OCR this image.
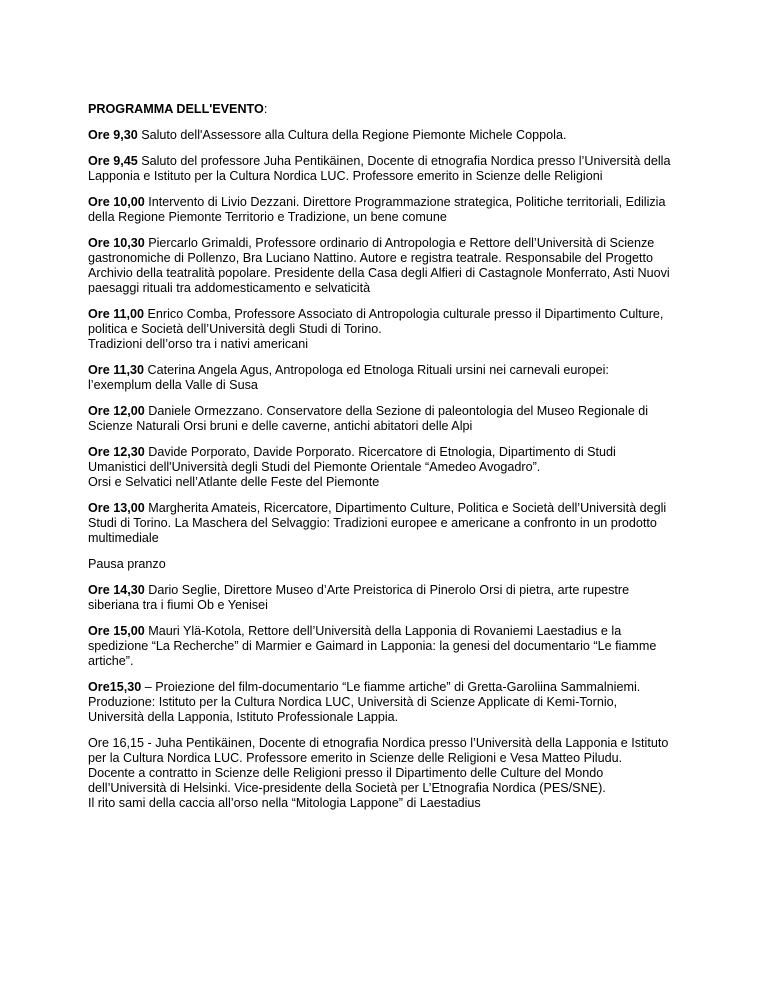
PROGRAMMA DELL'EVENTO:
Ore 9,30 Saluto dell'Assessore alla Cultura della Regione Piemonte Michele Coppola.
Ore 9,45 Saluto del professore Juha Pentikäinen, Docente di etnografia Nordica presso l’Università della
Lapponia e Istituto per la Cultura Nordica LUC. Professore emerito in Scienze delle Religioni
Ore 10,00 Intervento di Livio Dezzani. Direttore Programmazione strategica, Politiche territoriali, Edilizia
della Regione Piemonte Territorio e Tradizione, un bene comune
Ore 10,30 Piercarlo Grimaldi, Professore ordinario di Antropologia e Rettore dell’Università di Scienze
gastronomiche di Pollenzo, Bra Luciano Nattino. Autore e registra teatrale. Responsabile del Progetto
Archivio della teatralità popolare. Presidente della Casa degli Alfieri di Castagnole Monferrato, Asti Nuovi
paesaggi rituali tra addomesticamento e selvaticità
Ore 11,00 Enrico Comba, Professore Associato di Antropologia culturale presso il Dipartimento Culture,
politica e Società dell’Università degli Studi di Torino.
Tradizioni dell’orso tra i nativi americani
Ore 11,30 Caterina Angela Agus, Antropologa ed Etnologa Rituali ursini nei carnevali europei:
l’exemplum della Valle di Susa
Ore 12,00 Daniele Ormezzano. Conservatore della Sezione di paleontologia del Museo Regionale di
Scienze Naturali Orsi bruni e delle caverne, antichi abitatori delle Alpi
Ore 12,30 Davide Porporato, Davide Porporato. Ricercatore di Etnologia, Dipartimento di Studi
Umanistici dell'Università degli Studi del Piemonte Orientale “Amedeo Avogadro”.
Orsi e Selvatici nell’Atlante delle Feste del Piemonte
Ore 13,00 Margherita Amateis, Ricercatore, Dipartimento Culture, Politica e Società dell’Università degli
Studi di Torino. La Maschera del Selvaggio: Tradizioni europee e americane a confronto in un prodotto
multimediale
Pausa pranzo
Ore 14,30 Dario Seglie, Direttore Museo d’Arte Preistorica di Pinerolo Orsi di pietra, arte rupestre
siberiana tra i fiumi Ob e Yenisei
Ore 15,00 Mauri Ylä-Kotola, Rettore dell’Università della Lapponia di Rovaniemi Laestadius e la
spedizione “La Recherche” di Marmier e Gaimard in Lapponia: la genesi del documentario “Le fiamme
artiche”.
Ore15,30 – Proiezione del film-documentario “Le fiamme artiche” di Gretta-Garoliina Sammalniemi.
Produzione: Istituto per la Cultura Nordica LUC, Università di Scienze Applicate di Kemi-Tornio,
Università della Lapponia, Istituto Professionale Lappia.
Ore 16,15 - Juha Pentikäinen, Docente di etnografia Nordica presso l’Università della Lapponia e Istituto
per la Cultura Nordica LUC. Professore emerito in Scienze delle Religioni e Vesa Matteo Piludu.
Docente a contratto in Scienze delle Religioni presso il Dipartimento delle Culture del Mondo
dell’Università di Helsinki. Vice-presidente della Società per L’Etnografia Nordica (PES/SNE).
Il rito sami della caccia all’orso nella “Mitologia Lappone” di Laestadius
